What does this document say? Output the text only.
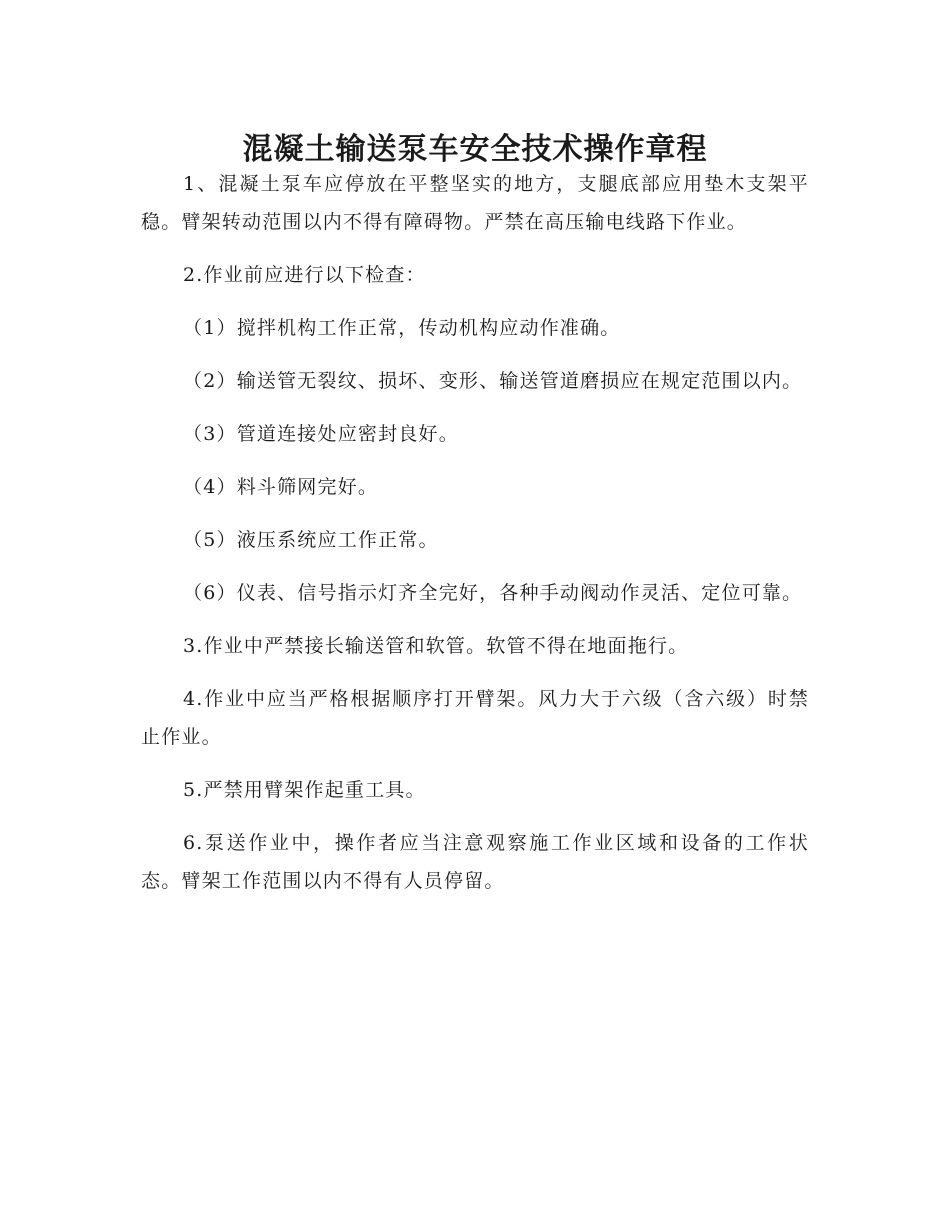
混凝土输送泵车安全技术操作章程

1、混凝土泵车应停放在平整坚实的地方，支腿底部应用垫木支架平稳。臂架转动范围以内不得有障碍物。严禁在高压输电线路下作业。

2.作业前应进行以下检查：

（1）搅拌机构工作正常，传动机构应动作准确。

（2）输送管无裂纹、损坏、变形、输送管道磨损应在规定范围以内。

（3）管道连接处应密封良好。

（4）料斗筛网完好。

（5）液压系统应工作正常。

（6）仪表、信号指示灯齐全完好，各种手动阀动作灵活、定位可靠。

3.作业中严禁接长输送管和软管。软管不得在地面拖行。

4.作业中应当严格根据顺序打开臂架。风力大于六级（含六级）时禁止作业。

5.严禁用臂架作起重工具。

6.泵送作业中，操作者应当注意观察施工作业区域和设备的工作状态。臂架工作范围以内不得有人员停留。
